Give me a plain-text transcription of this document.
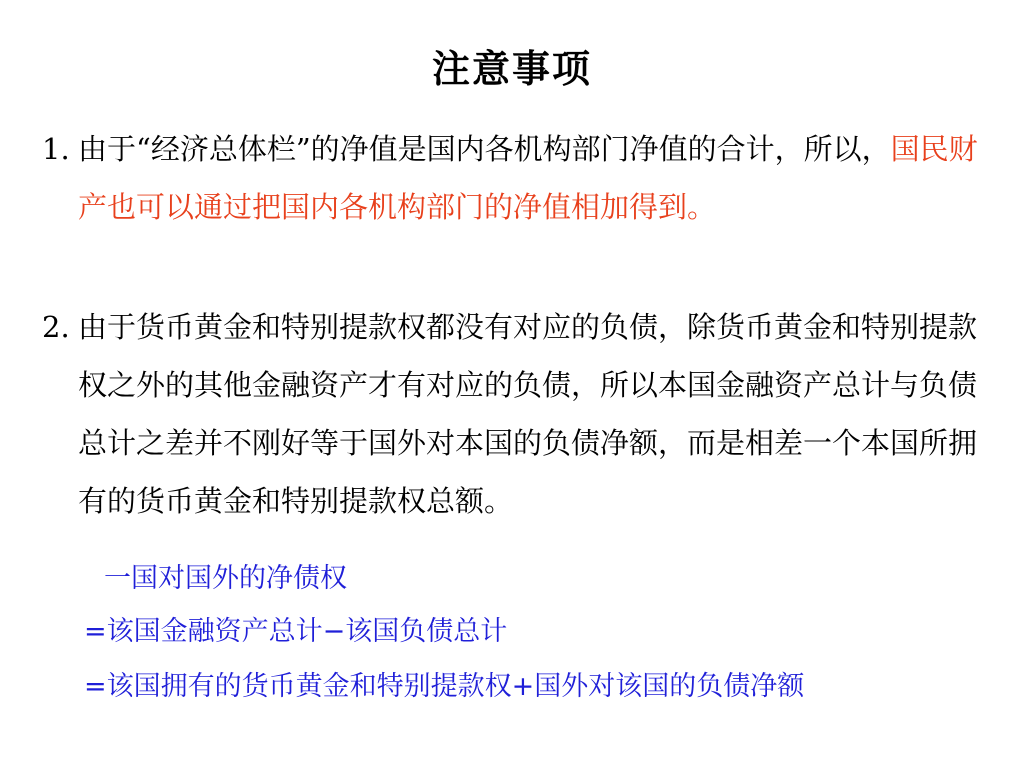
注意事项
1. 由于“经济总体栏”的净值是国内各机构部门净值的合计，所以，国民财产也可以通过把国内各机构部门的净值相加得到。
2. 由于货币黄金和特别提款权都没有对应的负债，除货币黄金和特别提款权之外的其他金融资产才有对应的负债，所以本国金融资产总计与负债总计之差并不刚好等于国外对本国的负债净额，而是相差一个本国所拥有的货币黄金和特别提款权总额。
一国对国外的净债权
=该国金融资产总计−该国负债总计
=该国拥有的货币黄金和特别提款权+国外对该国的负债净额
